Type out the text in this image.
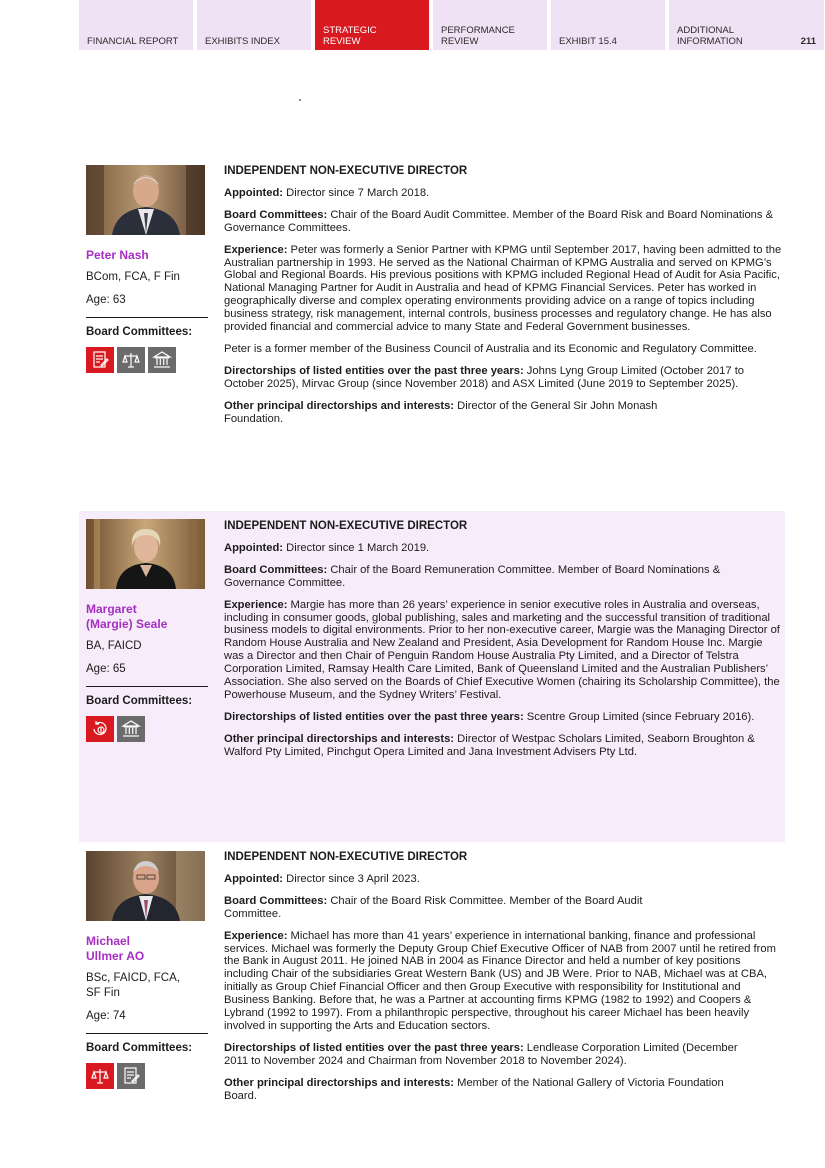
FINANCIAL REPORT	EXHIBITS INDEX
STRATEGIC
REVIEW
PERFORMANCE
REVIEW	EXHIBIT 15.4
ADDITIONAL
INFORMATION	211
Peter Nash
BCom, FCA, F Fin
Age: 63
Board Committees:

INDEPENDENT NON-EXECUTIVE DIRECTOR

Appointed: Director since 7 March 2018.

Board Committees: Chair of the Board Audit Committee. Member of the Board Risk and Board Nominations & Governance Committees.

Experience: Peter was formerly a Senior Partner with KPMG until September 2017, having been admitted to the Australian partnership in 1993. He served as the National Chairman of KPMG Australia and served on KPMG’s Global and Regional Boards. His previous positions with KPMG included Regional Head of Audit for Asia Pacific, National Managing Partner for Audit in Australia and head of KPMG Financial Services. Peter has worked in geographically diverse and complex operating environments providing advice on a range of topics including business strategy, risk management, internal controls, business processes and regulatory change. He has also provided financial and commercial advice to many State and Federal Government businesses.

Peter is a former member of the Business Council of Australia and its Economic and Regulatory Committee.

Directorships of listed entities over the past three years: Johns Lyng Group Limited (October 2017 to October 2025), Mirvac Group (since November 2018) and ASX Limited (June 2019 to September 2025).

Other principal directorships and interests: Director of the General Sir John Monash Foundation.

Margaret (Margie) Seale
BA, FAICD
Age: 65
Board Committees:

INDEPENDENT NON-EXECUTIVE DIRECTOR

Appointed: Director since 1 March 2019.

Board Committees: Chair of the Board Remuneration Committee. Member of Board Nominations & Governance Committee.

Experience: Margie has more than 26 years’ experience in senior executive roles in Australia and overseas, including in consumer goods, global publishing, sales and marketing and the successful transition of traditional business models to digital environments. Prior to her non-executive career, Margie was the Managing Director of Random House Australia and New Zealand and President, Asia Development for Random House Inc. Margie was a Director and then Chair of Penguin Random House Australia Pty Limited, and a Director of Telstra Corporation Limited, Ramsay Health Care Limited, Bank of Queensland Limited and the Australian Publishers’ Association. She also served on the Boards of Chief Executive Women (chairing its Scholarship Committee), the Powerhouse Museum, and the Sydney Writers’ Festival.

Directorships of listed entities over the past three years: Scentre Group Limited (since February 2016).

Other principal directorships and interests: Director of Westpac Scholars Limited, Seaborn Broughton & Walford Pty Limited, Pinchgut Opera Limited and Jana Investment Advisers Pty Ltd.

Michael Ullmer AO
BSc, FAICD, FCA, SF Fin
Age: 74
Board Committees:

INDEPENDENT NON-EXECUTIVE DIRECTOR

Appointed: Director since 3 April 2023.

Board Committees: Chair of the Board Risk Committee. Member of the Board Audit Committee.

Experience: Michael has more than 41 years’ experience in international banking, finance and professional services. Michael was formerly the Deputy Group Chief Executive Officer of NAB from 2007 until he retired from the Bank in August 2011. He joined NAB in 2004 as Finance Director and held a number of key positions including Chair of the subsidiaries Great Western Bank (US) and JB Were. Prior to NAB, Michael was at CBA, initially as Group Chief Financial Officer and then Group Executive with responsibility for Institutional and Business Banking. Before that, he was a Partner at accounting firms KPMG (1982 to 1992) and Coopers & Lybrand (1992 to 1997). From a philanthropic perspective, throughout his career Michael has been heavily involved in supporting the Arts and Education sectors.

Directorships of listed entities over the past three years: Lendlease Corporation Limited (December 2011 to November 2024 and Chairman from November 2018 to November 2024).

Other principal directorships and interests: Member of the National Gallery of Victoria Foundation Board.
